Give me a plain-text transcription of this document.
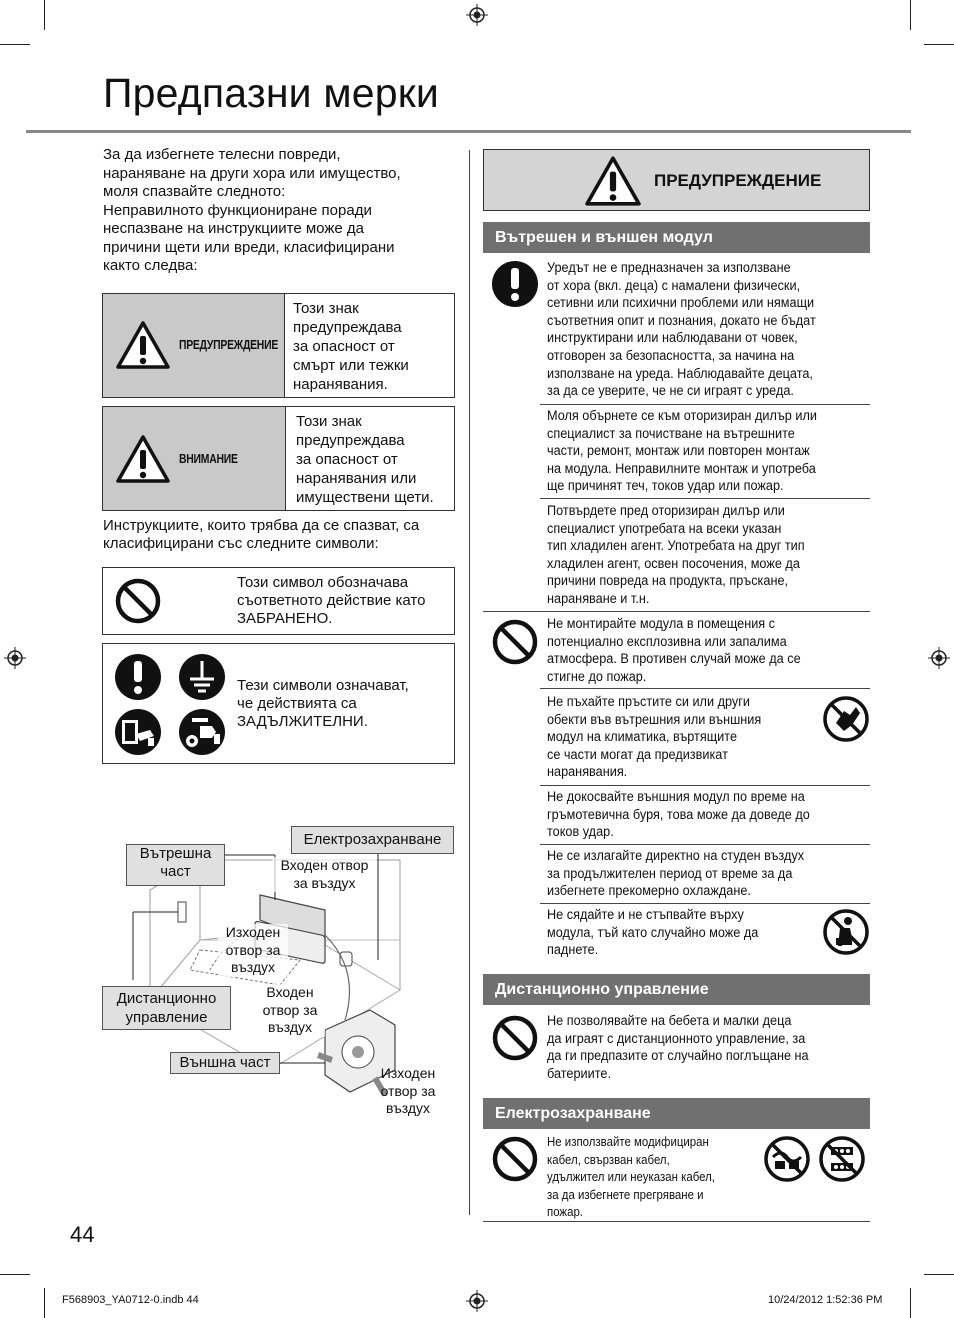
Предпазни мерки
За да избегнете телесни повреди,
нараняване на други хора или имущество,
моля спазвайте следното:
Неправилното функциониране поради
неспазване на инструкциите може да
причини щети или вреди, класифицирани
както следва:
ПРЕДУПРЕЖДЕНИЕ
Този знак
предупреждава
за опасност от
смърт или тежки
наранявания.
ВНИМАНИЕ
Този знак
предупреждава
за опасност от
наранявания или
имуществени щети.
Инструкциите, които трябва да се спазват, са
класифицирани със следните символи:
Този символ обозначава
съответното действие като
ЗАБРАНЕНО.
Тези символи означават,
че действията са
ЗАДЪЛЖИТЕЛНИ.
Електрозахранване
Вътрешна
част	Входен отвор
за въздух
Изходен
отвор за
въздух
Дистанционно
управление
Входен
отвор за
въздух
Външна част
Изходен
отвор за
въздух
44
ПРЕДУПРЕЖДЕНИЕ
Вътрешен и външен модул
Уредът не е предназначен за използване
от хора (вкл. деца) с намалени физически,
сетивни или психични проблеми или нямащи
съответния опит и познания, докато не бъдат
инструктирани или наблюдавани от човек,
отговорен за безопасността, за начина на
използване на уреда. Наблюдавайте децата,
за да се уверите, че не си играят с уреда.
Моля обърнете се към оторизиран дилър или
специалист за почистване на вътрешните
части, ремонт, монтаж или повторен монтаж
на модула. Неправилните монтаж и употреба
ще причинят теч, токов удар или пожар.
Потвърдете пред оторизиран дилър или
специалист употребата на всеки указан
тип хладилен агент. Употребата на друг тип
хладилен агент, освен посочения, може да
причини повреда на продукта, пръскане,
нараняване и т.н.
Не монтирайте модула в помещения с
потенциално експлозивна или запалима
атмосфера. В противен случай може да се
стигне до пожар.
Не пъхайте пръстите си или други
обекти във вътрешния или външния
модул на климатика, въртящите
се части могат да предизвикат
наранявания.
Не докосвайте външния модул по време на
гръмотевична буря, това може да доведе до
токов удар.
Не се излагайте директно на студен въздух
за продължителен период от време за да
избегнете прекомерно охлаждане.
Не сядайте и не стъпвайте върху
модула, тъй като случайно може да
паднете.
Дистанционно управление
Не позволявайте на бебета и малки деца
да играят с дистанционното управление, за
да ги предпазите от случайно поглъщане на
батериите.
Електрозахранване
Не използвайте модифициран
кабел, свързван кабел,
удължител или неуказан кабел,
за да избегнете прегряване и
пожар.
F568903_YA0712-0.indb 44	10/24/2012 1:52:36 PM
